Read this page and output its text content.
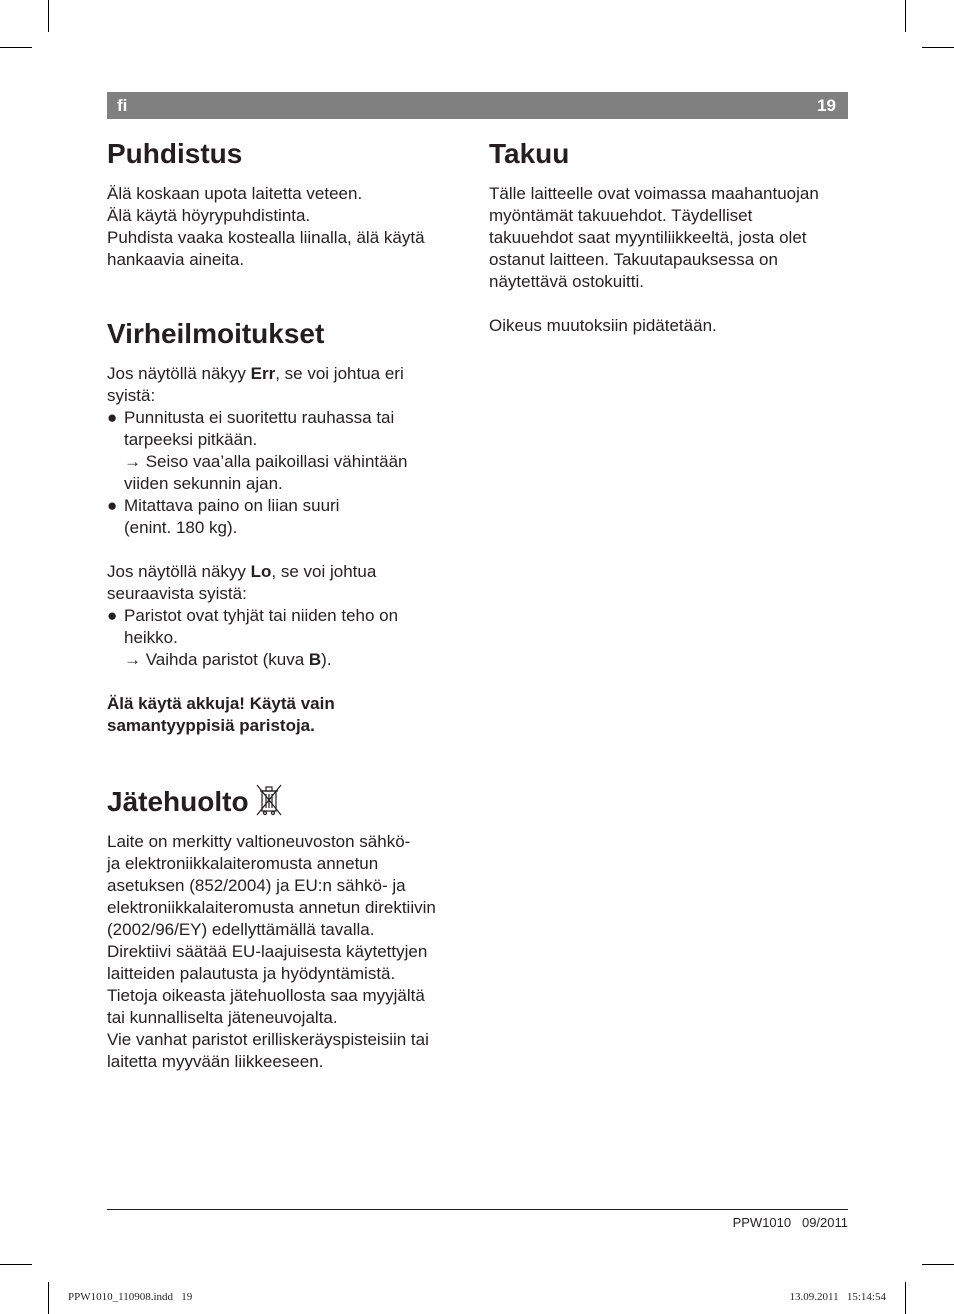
fi	19
Puhdistus

Älä koskaan upota laitetta veteen.

Älä käytä höyrypuhdistinta.

Puhdista vaaka kostealla liinalla, älä käytä

hankaavia aineita.

Virheilmoitukset

Jos näytöllä näkyy Err, se voi johtua eri

syistä:

● Punnitusta ei suoritettu rauhassa tai

tarpeeksi pitkään.

→ Seiso vaa’alla paikoillasi vähintään

viiden sekunnin ajan.

● Mitattava paino on liian suuri

(enint. 180 kg).

Jos näytöllä näkyy Lo, se voi johtua

seuraavista syistä:

● Paristot ovat tyhjät tai niiden teho on

heikko.

→ Vaihda paristot (kuva B).

Älä käytä akkuja! Käytä vain

samantyyppisiä paristoja.

Jätehuolto

Laite on merkitty valtioneuvoston sähkö-

ja elektroniikkalaiteromusta annetun

asetuksen (852/2004) ja EU:n sähkö- ja

elektroniikkalaiteromusta annetun direktiivin

(2002/96/EY) edellyttämällä tavalla.

Direktiivi säätää EU-laajuisesta käytettyjen

laitteiden palautusta ja hyödyntämistä.

Tietoja oikeasta jätehuollosta saa myyjältä

tai kunnalliselta jäteneuvojalta.

Vie vanhat paristot erilliskeräyspisteisiin tai

laitetta myyvään liikkeeseen.

Takuu

Tälle laitteelle ovat voimassa maahantuojan

myöntämät takuuehdot. Täydelliset

takuuehdot saat myyntiliikkeeltä, josta olet

ostanut laitteen. Takuutapauksessa on

näytettävä ostokuitti.

Oikeus muutoksiin pidätetään.

PPW1010   09/2011
PPW1010_110908.indd   19	13.09.2011   15:14:54
